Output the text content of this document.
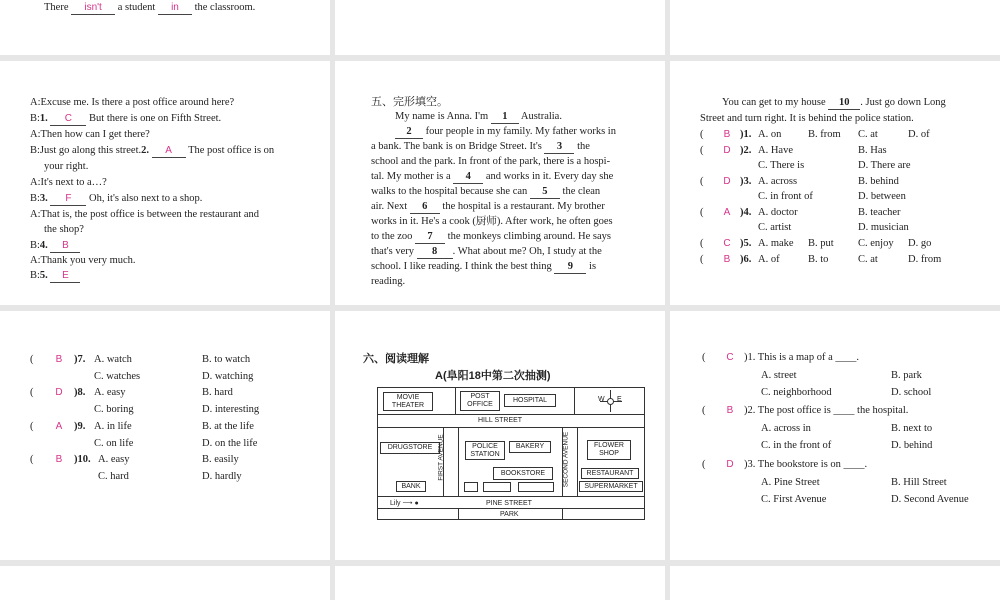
There isn't a student in the classroom.
A:Excuse me. Is there a post office around here?
B:1. C But there is one on Fifth Street.
A:Then how can I get there?
B:Just go along this street.2. A The post office is on
your right.
A:It's next to a…?
B:3. F Oh, it's also next to a shop.
A:That is, the post office is between the restaurant and
the shop?
B:4. B
A:Thank you very much.
B:5. E
五、完形填空。
My name is Anna. I'm 1 Australia.
2 four people in my family. My father works in
a bank. The bank is on Bridge Street. It's 3 the
school and the park. In front of the park, there is a hospi-
tal. My mother is a 4 and works in it. Every day she
walks to the hospital because she can 5 the clean
air. Next 6 the hospital is a restaurant. My brother
works in it. He's a cook (厨师). After work, he often goes
to the zoo 7 the monkeys climbing around. He says
that's very 8 . What about me? Oh, I study at the
school. I like reading. I think the best thing 9 is
reading.
You can get to my house 10 . Just go down Long
Street and turn right. It is behind the police station.
( B )1. A. on	B. from C. at	D. of
( D )2. A. Have	B. Has
C. There is	D. There are
( D )3. A. across	B. behind
C. in front of	D. between
( A )4. A. doctor	B. teacher
C. artist	D. musician
( C )5. A. make B. put C. enjoy D. go
( B )6. A. of	B. to	C. at	D. from
( B )7. A. watch	B. to watch
C. watches	D. watching
( D )8. A. easy	B. hard
C. boring	D. interesting
( A )9. A. in life	B. at the life
C. on life	D. on the life
( B )10. A. easy	B. easily
C. hard	D. hardly
六、阅读理解
A(阜阳18中第二次抽测)
MOVIE THEATER
POST OFFICE
HOSPITAL
HILL STREET
W E
DRUGSTORE FIRST AVENUE	POLICE STATION
BAKERY
BOOKSTORE	SECOND AVENUE	FLOWER SHOP
RESTAURANT
BANK	SUPERMARKET
Lily ⟶ ●	PINE STREET
PARK
( C )1. This is a map of a ____.
A. street	B. park
C. neighborhood	D. school
( B )2. The post office is ____ the hospital.
A. across in	B. next to
C. in the front of	D. behind
( D )3. The bookstore is on ____.
A. Pine Street	B. Hill Street
C. First Avenue	D. Second Avenue
